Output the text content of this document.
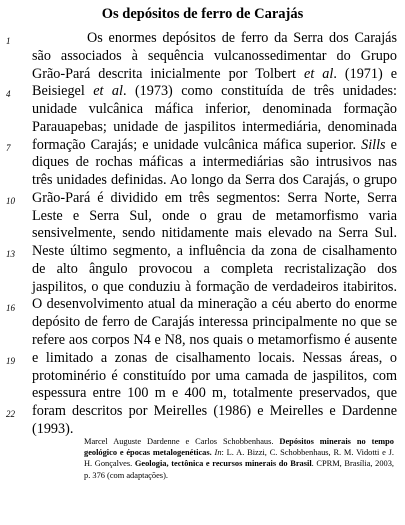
Os depósitos de ferro de Carajás
1
4
7
10
13
16
19
22
Os enormes depósitos de ferro da Serra dos Carajás
são associados à sequência vulcanossedimentar do Grupo
Grão-Pará descrita inicialmente por Tolbert et al. (1971) e
Beisiegel et al. (1973) como constituída de três unidades:
unidade vulcânica máfica inferior, denominada formação
Parauapebas; unidade de jaspilitos intermediária, denominada
formação Carajás; e unidade vulcânica máfica superior. Sills e
diques de rochas máficas a intermediárias são intrusivos nas
três unidades definidas. Ao longo da Serra dos Carajás, o grupo
Grão-Pará é dividido em três segmentos: Serra Norte, Serra
Leste e Serra Sul, onde o grau de metamorfismo varia
sensivelmente, sendo nitidamente mais elevado na Serra Sul.
Neste último segmento, a influência da zona de cisalhamento
de alto ângulo provocou a completa recristalização dos
jaspilitos, o que conduziu à formação de verdadeiros itabiritos.
O desenvolvimento atual da mineração a céu aberto do enorme
depósito de ferro de Carajás interessa principalmente no que se
refere aos corpos N4 e N8, nos quais o metamorfismo é ausente
e limitado a zonas de cisalhamento locais. Nessas áreas, o
protominério é constituído por uma camada de jaspilitos, com
espessura entre 100 m e 400 m, totalmente preservados, que
foram descritos por Meirelles (1986) e Meirelles e Dardenne
(1993).
Marcel Auguste Dardenne e Carlos Schobbenhaus. Depósitos minerais no tempo geológico e épocas metalogenéticas. In: L. A. Bizzi, C. Schobbenhaus, R. M. Vidotti e J. H. Gonçalves. Geologia, tectônica e recursos minerais do Brasil. CPRM, Brasília, 2003, p. 376 (com adaptações).
